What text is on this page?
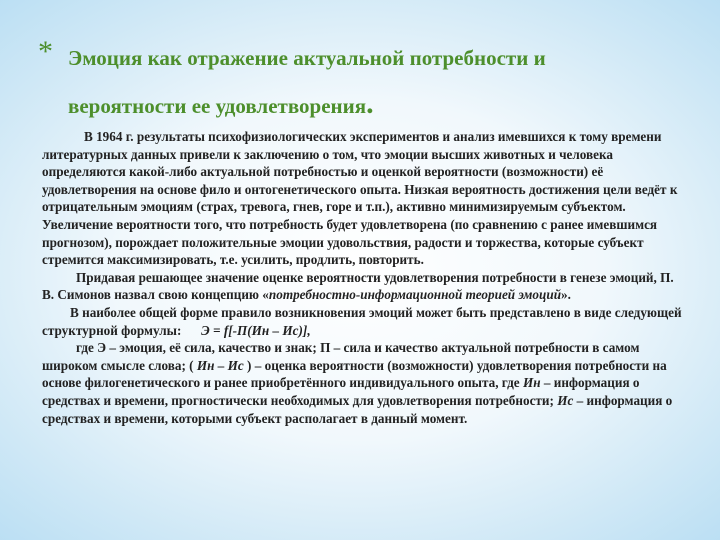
* Эмоция как отражение актуальной потребности и
вероятности ее удовлетворения.

В 1964 г. результаты психофизиологических экспериментов и анализ имевшихся к тому времени литературных данных привели к заключению о том, что эмоции высших животных и человека определяются какой-либо актуальной потребностью и оценкой вероятности (возможности) её удовлетворения на основе фило и онтогенетического опыта. Низкая вероятность достижения цели ведёт к отрицательным эмоциям (страх, тревога, гнев, горе и т.п.), активно минимизируемым субъектом. Увеличение вероятности того, что потребность будет удовлетворена (по сравнению с ранее имевшимся прогнозом), порождает положительные эмоции удовольствия, радости и торжества, которые субъект стремится максимизировать, т.е. усилить, продлить, повторить.

Придавая решающее значение оценке вероятности удовлетворения потребности в генезе эмоций, П. В. Симонов назвал свою концепцию «потребностно-информационной теорией эмоций».

В наиболее общей форме правило возникновения эмоций может быть представлено в виде следующей структурной формулы: Э = f[-П(Ин – Ис)],

где Э – эмоция, её сила, качество и знак; П – сила и качество актуальной потребности в самом широком смысле слова; ( Ин – Ис ) – оценка вероятности (возможности) удовлетворения потребности на основе филогенетического и ранее приобретённого индивидуального опыта, где Ин – информация о средствах и времени, прогностически необходимых для удовлетворения потребности; Ис – информация о средствах и времени, которыми субъект располагает в данный момент.
